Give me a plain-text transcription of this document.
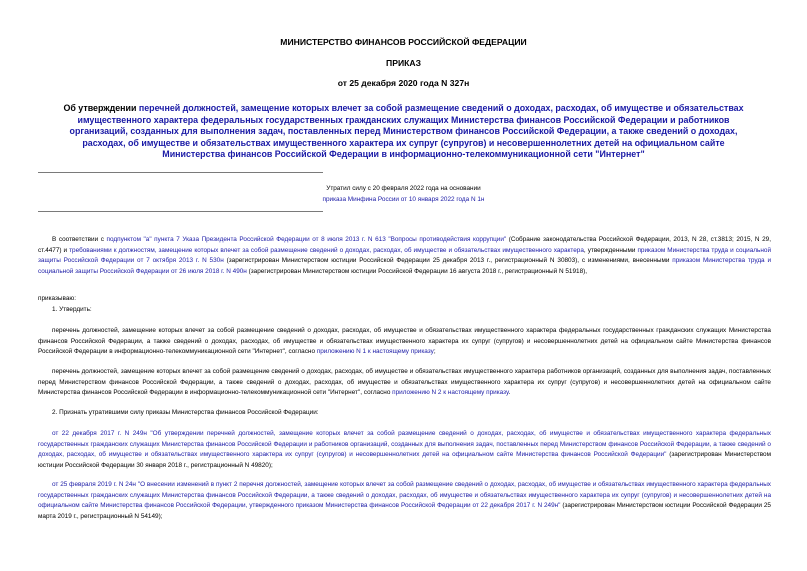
МИНИСТЕРСТВО ФИНАНСОВ РОССИЙСКОЙ ФЕДЕРАЦИИ
ПРИКАЗ
от 25 декабря 2020 года N 327н
Об утверждении перечней должностей, замещение которых влечет за собой размещение сведений о доходах, расходах, об имуществе и обязательствах имущественного характера федеральных государственных гражданских служащих Министерства финансов Российской Федерации и работников организаций, созданных для выполнения задач, поставленных перед Министерством финансов Российской Федерации, а также сведений о доходах, расходах, об имуществе и обязательствах имущественного характера их супруг (супругов) и несовершеннолетних детей на официальном сайте Министерства финансов Российской Федерации в информационно-телекоммуникационной сети "Интернет"
Утратил силу с 20 февраля 2022 года на основании
приказа Минфина России от 10 января 2022 года N 1н
В соответствии с подпунктом "а" пункта 7 Указа Президента Российской Федерации от 8 июля 2013 г. N 613 "Вопросы противодействия коррупции" (Собрание законодательства Российской Федерации, 2013, N 28, ст.3813; 2015, N 29, ст.4477) и требованиями к должностям, замещение которых влечет за собой размещение сведений о доходах, расходах, об имуществе и обязательствах имущественного характера, утвержденными приказом Министерства труда и социальной защиты Российской Федерации от 7 октября 2013 г. N 530н (зарегистрирован Министерством юстиции Российской Федерации 25 декабря 2013 г., регистрационный N 30803), с изменениями, внесенными приказом Министерства труда и социальной защиты Российской Федерации от 26 июля 2018 г. N 490н (зарегистрирован Министерством юстиции Российской Федерации 16 августа 2018 г., регистрационный N 51918),
приказываю:
1. Утвердить:
перечень должностей, замещение которых влечет за собой размещение сведений о доходах, расходах, об имуществе и обязательствах имущественного характера федеральных государственных гражданских служащих Министерства финансов Российской Федерации, а также сведений о доходах, расходах, об имуществе и обязательствах имущественного характера их супруг (супругов) и несовершеннолетних детей на официальном сайте Министерства финансов Российской Федерации в информационно-телекоммуникационной сети "Интернет", согласно приложению N 1 к настоящему приказу;
перечень должностей, замещение которых влечет за собой размещение сведений о доходах, расходах, об имуществе и обязательствах имущественного характера работников организаций, созданных для выполнения задач, поставленных перед Министерством финансов Российской Федерации, а также сведений о доходах, расходах, об имуществе и обязательствах имущественного характера их супруг (супругов) и несовершеннолетних детей на официальном сайте Министерства финансов Российской Федерации в информационно-телекоммуникационной сети "Интернет", согласно приложению N 2 к настоящему приказу.
2. Признать утратившими силу приказы Министерства финансов Российской Федерации:
от 22 декабря 2017 г. N 249н "Об утверждении перечней должностей, замещение которых влечет за собой размещение сведений о доходах, расходах, об имуществе и обязательствах имущественного характера федеральных государственных гражданских служащих Министерства финансов Российской Федерации и работников организаций, созданных для выполнения задач, поставленных перед Министерством финансов Российской Федерации, а также сведений о доходах, расходах, об имуществе и обязательствах имущественного характера их супруг (супругов) и несовершеннолетних детей на официальном сайте Министерства финансов Российской Федерации" (зарегистрирован Министерством юстиции Российской Федерации 30 января 2018 г., регистрационный N 49820);
от 25 февраля 2019 г. N 24н "О внесении изменений в пункт 2 перечня должностей, замещение которых влечет за собой размещение сведений о доходах, расходах, об имуществе и обязательствах имущественного характера федеральных государственных гражданских служащих Министерства финансов Российской Федерации, а также сведений о доходах, расходах, об имуществе и обязательствах имущественного характера их супруг (супругов) и несовершеннолетних детей на официальном сайте Министерства финансов Российской Федерации, утвержденного приказом Министерства финансов Российской Федерации от 22 декабря 2017 г. N 249н" (зарегистрирован Министерством юстиции Российской Федерации 25 марта 2019 г., регистрационный N 54149);
